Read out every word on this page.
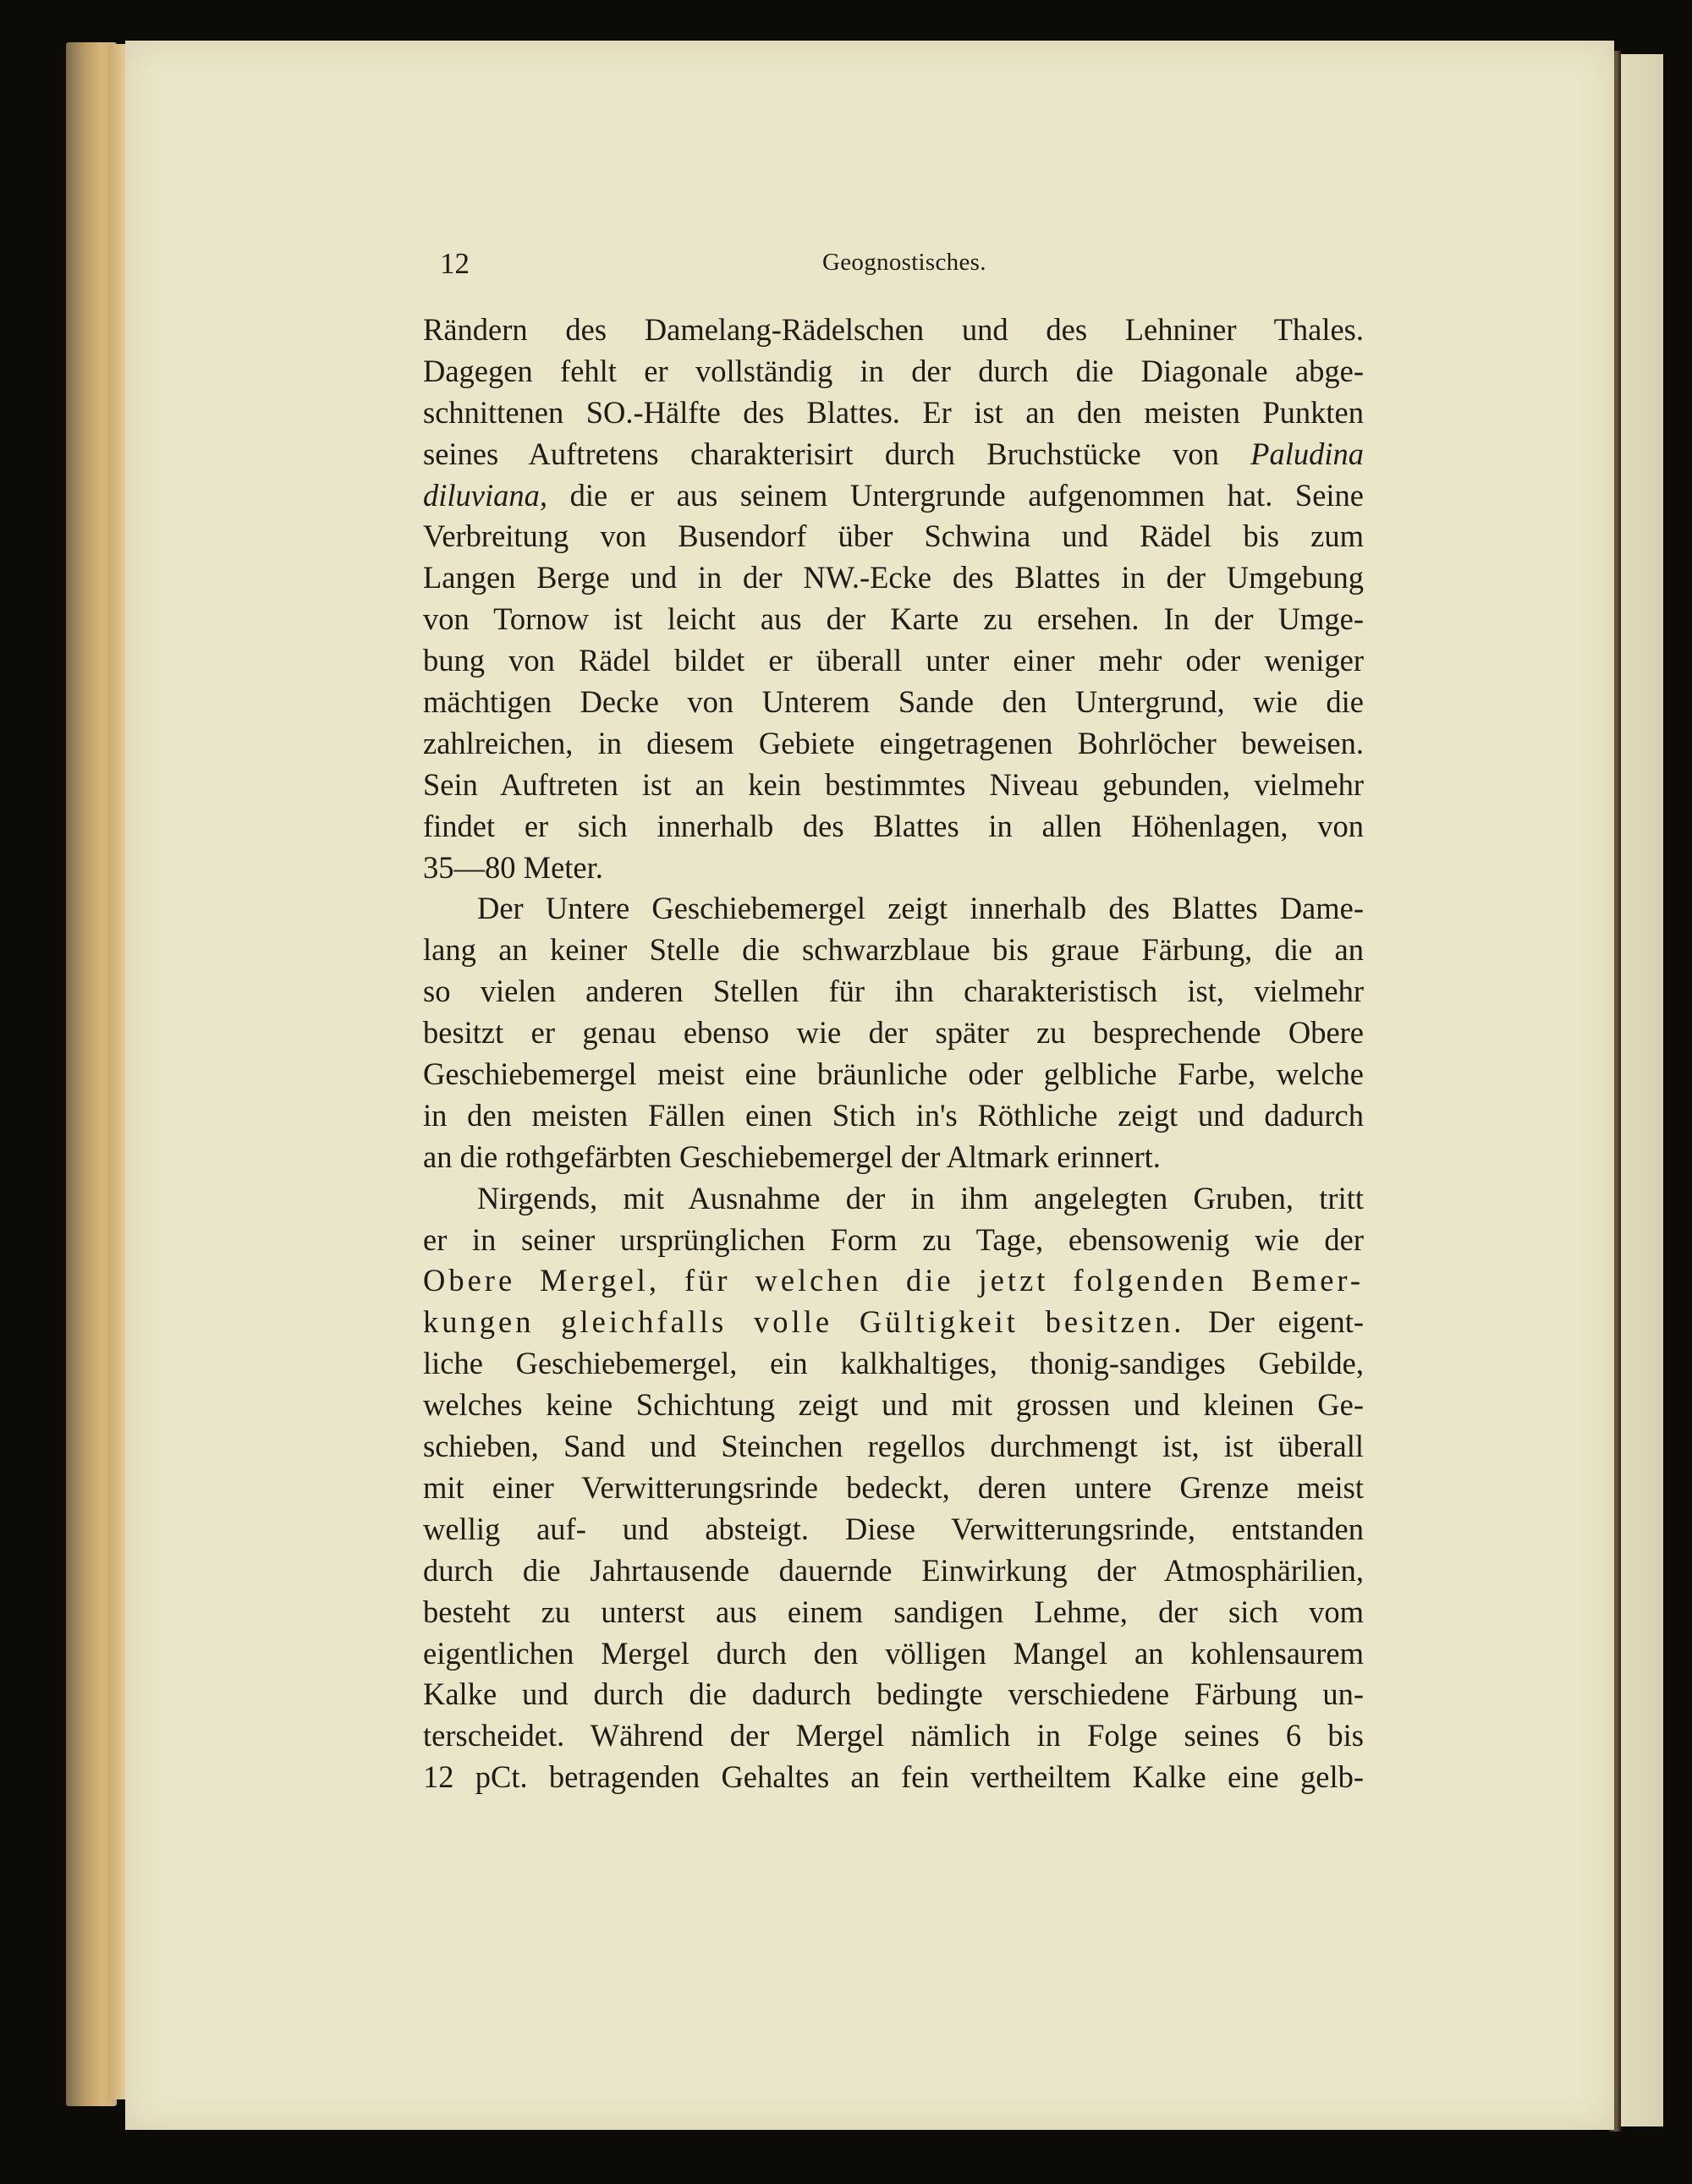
12	Geognostisches.
Rändern des Damelang-Rädelschen und des Lehniner Thales.
Dagegen fehlt er vollständig in der durch die Diagonale abge-
schnittenen SO.-Hälfte des Blattes. Er ist an den meisten Punkten
seines Auftretens charakterisirt durch Bruchstücke von Paludina
diluviana, die er aus seinem Untergrunde aufgenommen hat. Seine
Verbreitung von Busendorf über Schwina und Rädel bis zum
Langen Berge und in der NW.-Ecke des Blattes in der Umgebung
von Tornow ist leicht aus der Karte zu ersehen. In der Umge-
bung von Rädel bildet er überall unter einer mehr oder weniger
mächtigen Decke von Unterem Sande den Untergrund, wie die
zahlreichen, in diesem Gebiete eingetragenen Bohrlöcher beweisen.
Sein Auftreten ist an kein bestimmtes Niveau gebunden, vielmehr
findet er sich innerhalb des Blattes in allen Höhenlagen, von
35—80 Meter.
Der Untere Geschiebemergel zeigt innerhalb des Blattes Dame-
lang an keiner Stelle die schwarzblaue bis graue Färbung, die an
so vielen anderen Stellen für ihn charakteristisch ist, vielmehr
besitzt er genau ebenso wie der später zu besprechende Obere
Geschiebemergel meist eine bräunliche oder gelbliche Farbe, welche
in den meisten Fällen einen Stich in's Röthliche zeigt und dadurch
an die rothgefärbten Geschiebemergel der Altmark erinnert.
Nirgends, mit Ausnahme der in ihm angelegten Gruben, tritt
er in seiner ursprünglichen Form zu Tage, ebensowenig wie der
Obere Mergel, für welchen die jetzt folgenden Bemer-
kungen gleichfalls volle Gültigkeit besitzen. Der eigent-
liche Geschiebemergel, ein kalkhaltiges, thonig-sandiges Gebilde,
welches keine Schichtung zeigt und mit grossen und kleinen Ge-
schieben, Sand und Steinchen regellos durchmengt ist, ist überall
mit einer Verwitterungsrinde bedeckt, deren untere Grenze meist
wellig auf- und absteigt. Diese Verwitterungsrinde, entstanden
durch die Jahrtausende dauernde Einwirkung der Atmosphärilien,
besteht zu unterst aus einem sandigen Lehme, der sich vom
eigentlichen Mergel durch den völligen Mangel an kohlensaurem
Kalke und durch die dadurch bedingte verschiedene Färbung un-
terscheidet. Während der Mergel nämlich in Folge seines 6 bis
12 pCt. betragenden Gehaltes an fein vertheiltem Kalke eine gelb-
